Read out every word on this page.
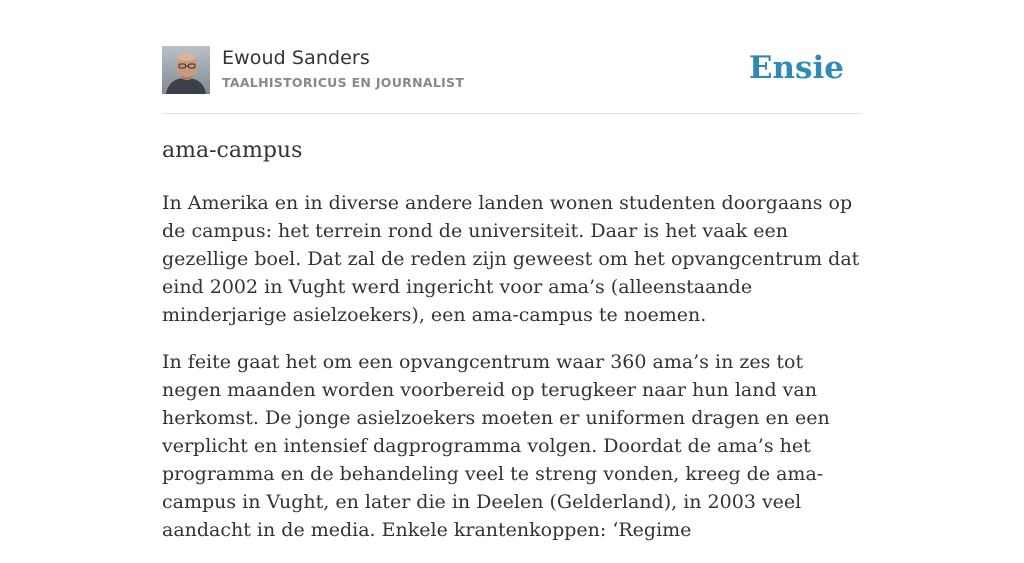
Ewoud Sanders
TAALHISTORICUS EN JOURNALIST	Ensie
ama-campus

In Amerika en in diverse andere landen wonen studenten doorgaans op de campus: het terrein rond de universiteit. Daar is het vaak een gezellige boel. Dat zal de reden zijn geweest om het opvangcentrum dat eind 2002 in Vught werd ingericht voor ama’s (alleenstaande minderjarige asielzoekers), een ama-campus te noemen.

In feite gaat het om een opvangcentrum waar 360 ama’s in zes tot negen maanden worden voorbereid op terugkeer naar hun land van herkomst. De jonge asielzoekers moeten er uniformen dragen en een verplicht en intensief dagprogramma volgen. Doordat de ama’s het programma en de behandeling veel te streng vonden, kreeg de ama-campus in Vught, en later die in Deelen (Gelderland), in 2003 veel aandacht in de media. Enkele krantenkoppen: ‘Regime
